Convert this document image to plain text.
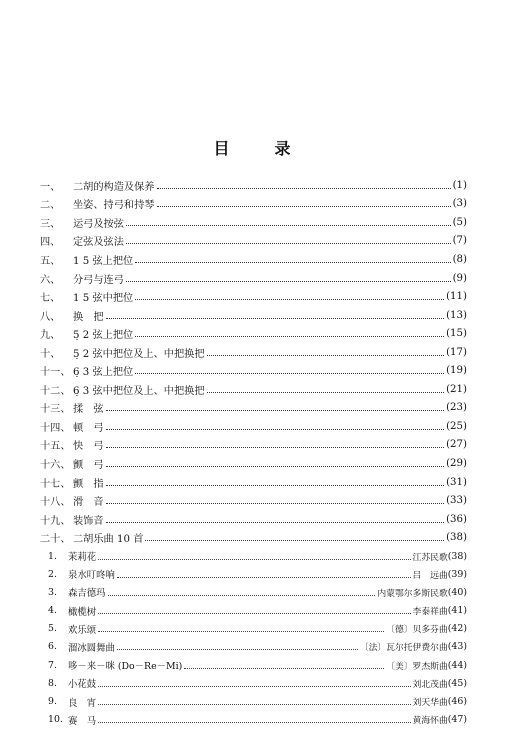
目	录
一、	二胡的构造及保养	(1)
二、	坐姿、持弓和持琴	(3)
三、	运弓及按弦	(5)
四、	定弦及弦法	(7)
五、	1 5 弦上把位	(8)
六、	分弓与连弓	(9)
七、	1 5 弦中把位	(11)
八、	换　把	(13)
九、	5̣ 2 弦上把位	(15)
十、	5̣ 2 弦中把位及上、中把换把	(17)
十一、 6̣ 3 弦上把位	(19)
十二、 6̣ 3 弦中把位及上、中把换把	(21)
十三、 揉　弦	(23)
十四、 顿　弓	(25)
十五、 快　弓	(27)
十六、 颤　弓	(29)
十七、 颤　指	(31)
十八、 滑　音	(33)
十九、 装饰音	(36)
二十、 二胡乐曲 10 首	(38)
1.	茉莉花	江苏民歌 (38)
2.	泉水叮咚响	吕　远曲 (39)
3.	森吉德玛	内蒙鄂尔多斯民歌 (40)
4.	橄榄树	李泰祥曲 (41)
5.	欢乐颂	〔德〕贝多芬曲 (42)
6.	溜冰圆舞曲	〔法〕瓦尔托伊费尔曲 (43)
7.	哆－来－咪 (Do－Re－Mi)	〔美〕罗杰斯曲 (44)
8.	小花鼓	刘北茂曲 (45)
9.	良　宵	刘天华曲 (46)
10. 赛　马	黄海怀曲 (47)
